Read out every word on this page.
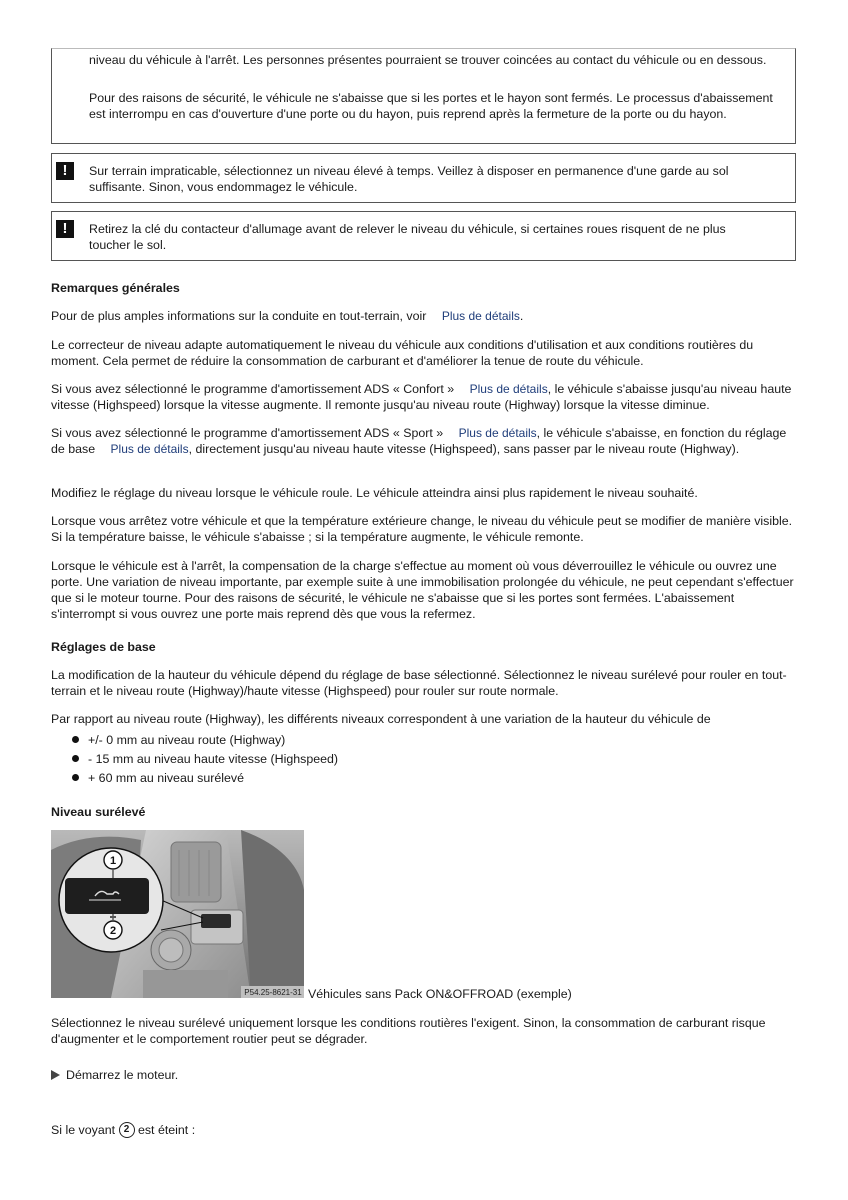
niveau du véhicule à l'arrêt. Les personnes présentes pourraient se trouver coincées au contact du véhicule ou en dessous.

Pour des raisons de sécurité, le véhicule ne s'abaisse que si les portes et le hayon sont fermés. Le processus d'abaissement est interrompu en cas d'ouverture d'une porte ou du hayon, puis reprend après la fermeture de la porte ou du hayon.

!	Sur terrain impraticable, sélectionnez un niveau élevé à temps. Veillez à disposer en permanence d'une garde au sol suffisante. Sinon, vous endommagez le véhicule.

!	Retirez la clé du contacteur d'allumage avant de relever le niveau du véhicule, si certaines roues risquent de ne plus toucher le sol.

Remarques générales

Pour de plus amples informations sur la conduite en tout-terrain, voir Plus de détails.

Le correcteur de niveau adapte automatiquement le niveau du véhicule aux conditions d'utilisation et aux conditions routières du moment. Cela permet de réduire la consommation de carburant et d'améliorer la tenue de route du véhicule.

Si vous avez sélectionné le programme d'amortissement ADS « Confort » Plus de détails, le véhicule s'abaisse jusqu'au niveau haute vitesse (Highspeed) lorsque la vitesse augmente. Il remonte jusqu'au niveau route (Highway) lorsque la vitesse diminue.

Si vous avez sélectionné le programme d'amortissement ADS « Sport » Plus de détails, le véhicule s'abaisse, en fonction du réglage de base Plus de détails, directement jusqu'au niveau haute vitesse (Highspeed), sans passer par le niveau route (Highway).

Modifiez le réglage du niveau lorsque le véhicule roule. Le véhicule atteindra ainsi plus rapidement le niveau souhaité.

Lorsque vous arrêtez votre véhicule et que la température extérieure change, le niveau du véhicule peut se modifier de manière visible. Si la température baisse, le véhicule s'abaisse ; si la température augmente, le véhicule remonte.

Lorsque le véhicule est à l'arrêt, la compensation de la charge s'effectue au moment où vous déverrouillez le véhicule ou ouvrez une porte. Une variation de niveau importante, par exemple suite à une immobilisation prolongée du véhicule, ne peut cependant s'effectuer que si le moteur tourne. Pour des raisons de sécurité, le véhicule ne s'abaisse que si les portes sont fermées. L'abaissement s'interrompt si vous ouvrez une porte mais reprend dès que vous la refermez.

Réglages de base

La modification de la hauteur du véhicule dépend du réglage de base sélectionné. Sélectionnez le niveau surélevé pour rouler en tout-terrain et le niveau route (Highway)/haute vitesse (Highspeed) pour rouler sur route normale.

Par rapport au niveau route (Highway), les différents niveaux correspondent à une variation de la hauteur du véhicule de

+/- 0 mm au niveau route (Highway)
- 15 mm au niveau haute vitesse (Highspeed)
+ 60 mm au niveau surélevé
Niveau surélevé
1
2
P54.25-8621-31 Véhicules sans Pack ON&OFFROAD (exemple)

Sélectionnez le niveau surélevé uniquement lorsque les conditions routières l'exigent. Sinon, la consommation de carburant risque d'augmenter et le comportement routier peut se dégrader.

Démarrez le moteur.

Si le voyant 2 est éteint :
